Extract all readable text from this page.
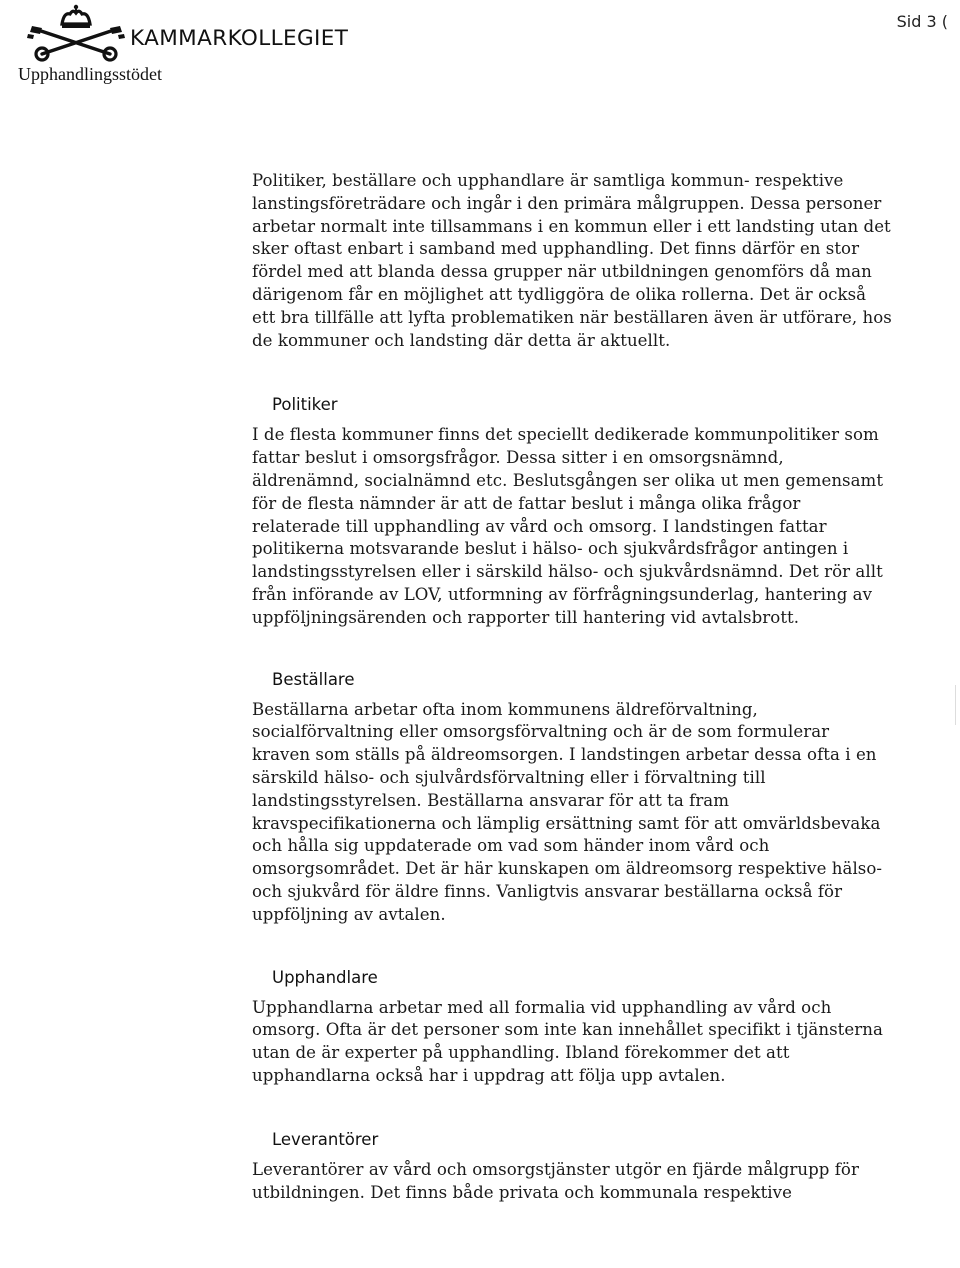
KAMMARKOLLEGIET
Upphandlingsstödet
Sid 3 (

Politiker, beställare och upphandlare är samtliga kommun- respektive lanstingsföreträdare och ingår i den primära målgruppen. Dessa personer arbetar normalt inte tillsammans i en kommun eller i ett landsting utan det sker oftast enbart i samband med upphandling. Det finns därför en stor fördel med att blanda dessa grupper när utbildningen genomförs då man därigenom får en möjlighet att tydliggöra de olika rollerna. Det är också ett bra tillfälle att lyfta problematiken när beställaren även är utförare, hos de kommuner och landsting där detta är aktuellt.

Politiker

I de flesta kommuner finns det speciellt dedikerade kommunpolitiker som fattar beslut i omsorgsfrågor. Dessa sitter i en omsorgsnämnd, äldrenämnd, socialnämnd etc. Beslutsgången ser olika ut men gemensamt för de flesta nämnder är att de fattar beslut i många olika frågor relaterade till upphandling av vård och omsorg. I landstingen fattar politikerna motsvarande beslut i hälso- och sjukvårdsfrågor antingen i landstingsstyrelsen eller i särskild hälso- och sjukvårdsnämnd. Det rör allt från införande av LOV, utformning av förfrågningsunderlag, hantering av uppföljningsärenden och rapporter till hantering vid avtalsbrott.

Beställare

Beställarna arbetar ofta inom kommunens äldreförvaltning, socialförvaltning eller omsorgsförvaltning och är de som formulerar kraven som ställs på äldreomsorgen. I landstingen arbetar dessa ofta i en särskild hälso- och sjulvårdsförvaltning eller i förvaltning till landstingsstyrelsen. Beställarna ansvarar för att ta fram kravspecifikationerna och lämplig ersättning samt för att omvärldsbevaka och hålla sig uppdaterade om vad som händer inom vård och omsorgsområdet. Det är här kunskapen om äldreomsorg respektive hälso- och sjukvård för äldre finns. Vanligtvis ansvarar beställarna också för uppföljning av avtalen.

Upphandlare

Upphandlarna arbetar med all formalia vid upphandling av vård och omsorg. Ofta är det personer som inte kan innehållet specifikt i tjänsterna utan de är experter på upphandling. Ibland förekommer det att upphandlarna också har i uppdrag att följa upp avtalen.

Leverantörer

Leverantörer av vård och omsorgstjänster utgör en fjärde målgrupp för utbildningen. Det finns både privata och kommunala respektive
